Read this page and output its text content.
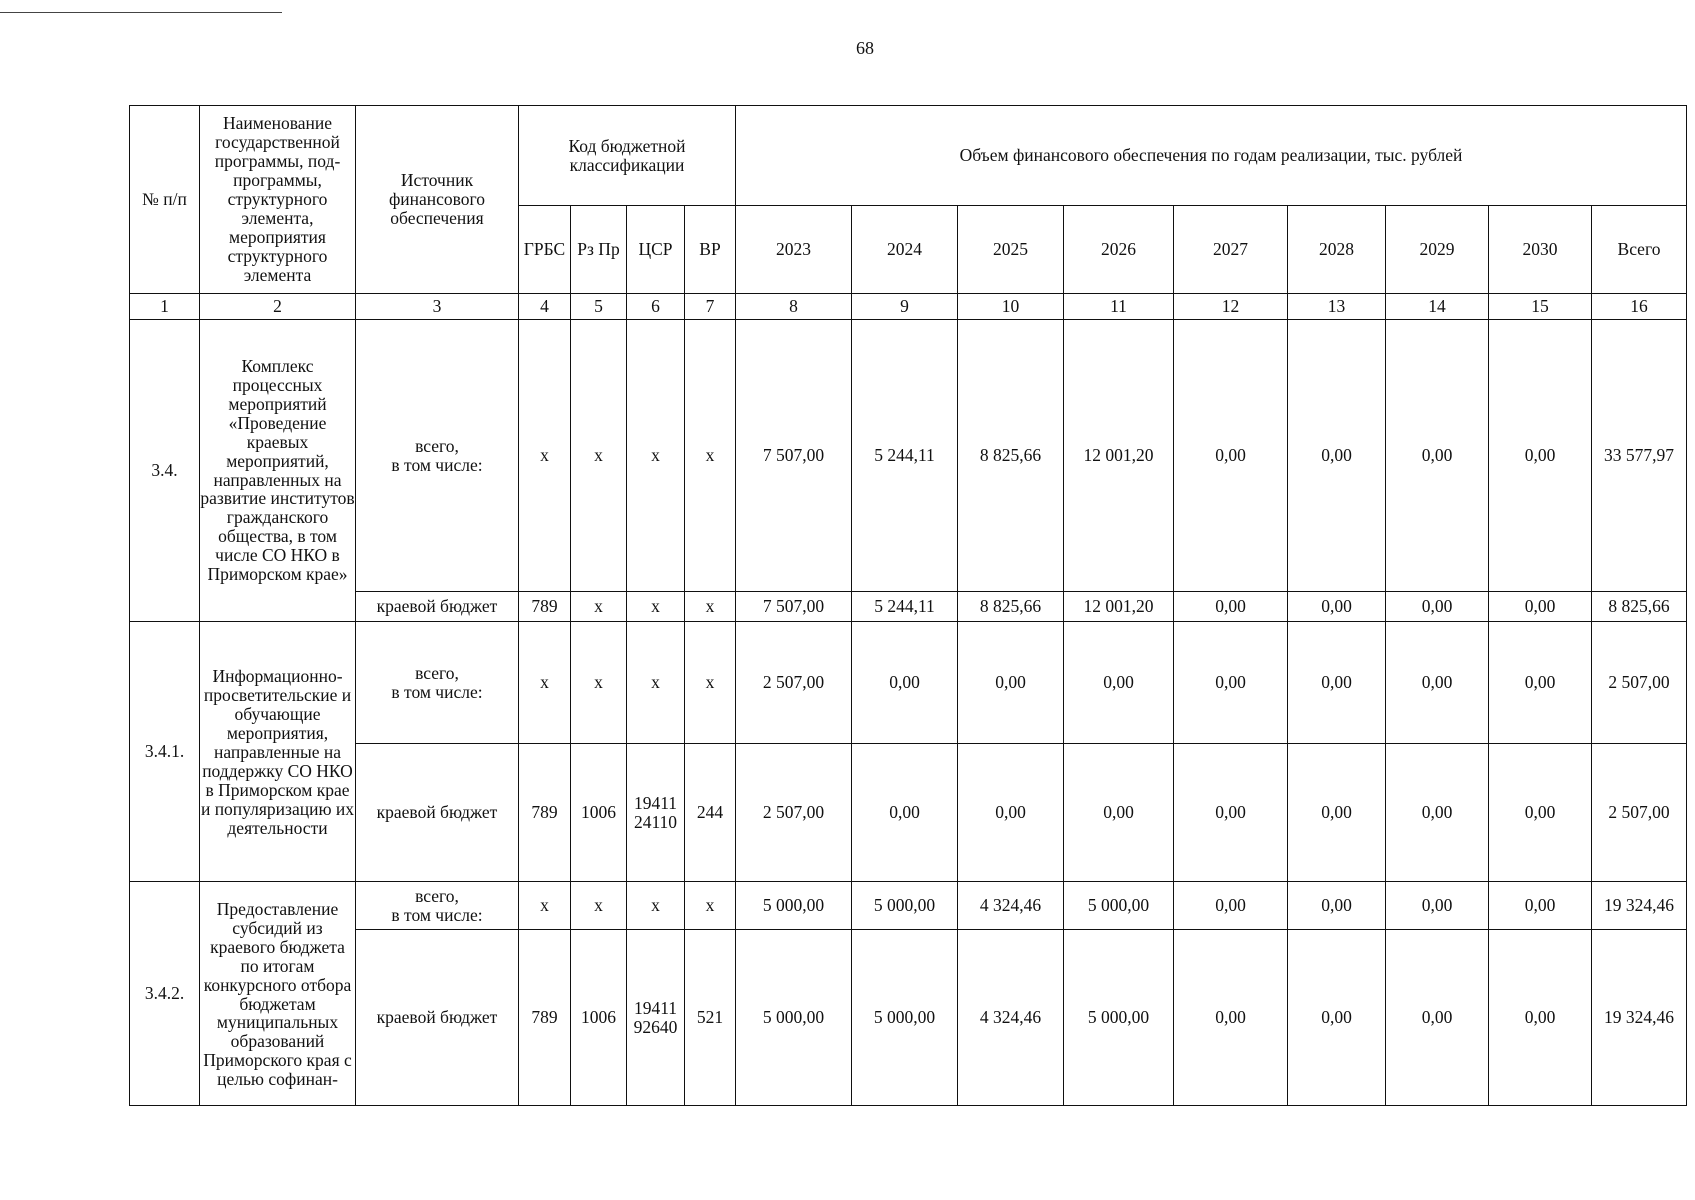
68
№ п/п	Наименование государственной программы, под-программы, структурного элемента, мероприятия структурного элемента	Источник финансового обеспечения	Код бюджетной классификации				Объем финансового обеспечения по годам реализации, тыс. рублей								
			ГРБС	Рз Пр	ЦСР	ВР	2023	2024	2025	2026	2027	2028	2029	2030	Всего
1	2	3	4	5	6	7	8	9	10	11	12	13	14	15	16
3.4.	Комплекс процессных мероприятий «Проведение краевых мероприятий, направленных на развитие институтов гражданского общества, в том числе СО НКО в Приморском крае»	всего,
в том числе:	х	х	х	х	7 507,00	5 244,11	8 825,66	12 001,20	0,00	0,00	0,00	0,00	33 577,97
		краевой бюджет	789	х	х	х	7 507,00	5 244,11	8 825,66	12 001,20	0,00	0,00	0,00	0,00	8 825,66
3.4.1.	Информационно-просветительские и обучающие мероприятия, направленные на поддержку СО НКО в Приморском крае и популяризацию их деятельности	всего,
в том числе:	х	х	х	х	2 507,00	0,00	0,00	0,00	0,00	0,00	0,00	0,00	2 507,00
		краевой бюджет	789	1006	19411
24110	244	2 507,00	0,00	0,00	0,00	0,00	0,00	0,00	0,00	2 507,00
3.4.2.	Предоставление субсидий из краевого бюджета по итогам конкурсного отбора бюджетам муниципальных образований Приморского края с целью софинан-	всего,
в том числе:	х	х	х	х	5 000,00	5 000,00	4 324,46	5 000,00	0,00	0,00	0,00	0,00	19 324,46
		краевой бюджет	789	1006	19411
92640	521	5 000,00	5 000,00	4 324,46	5 000,00	0,00	0,00	0,00	0,00	19 324,46
